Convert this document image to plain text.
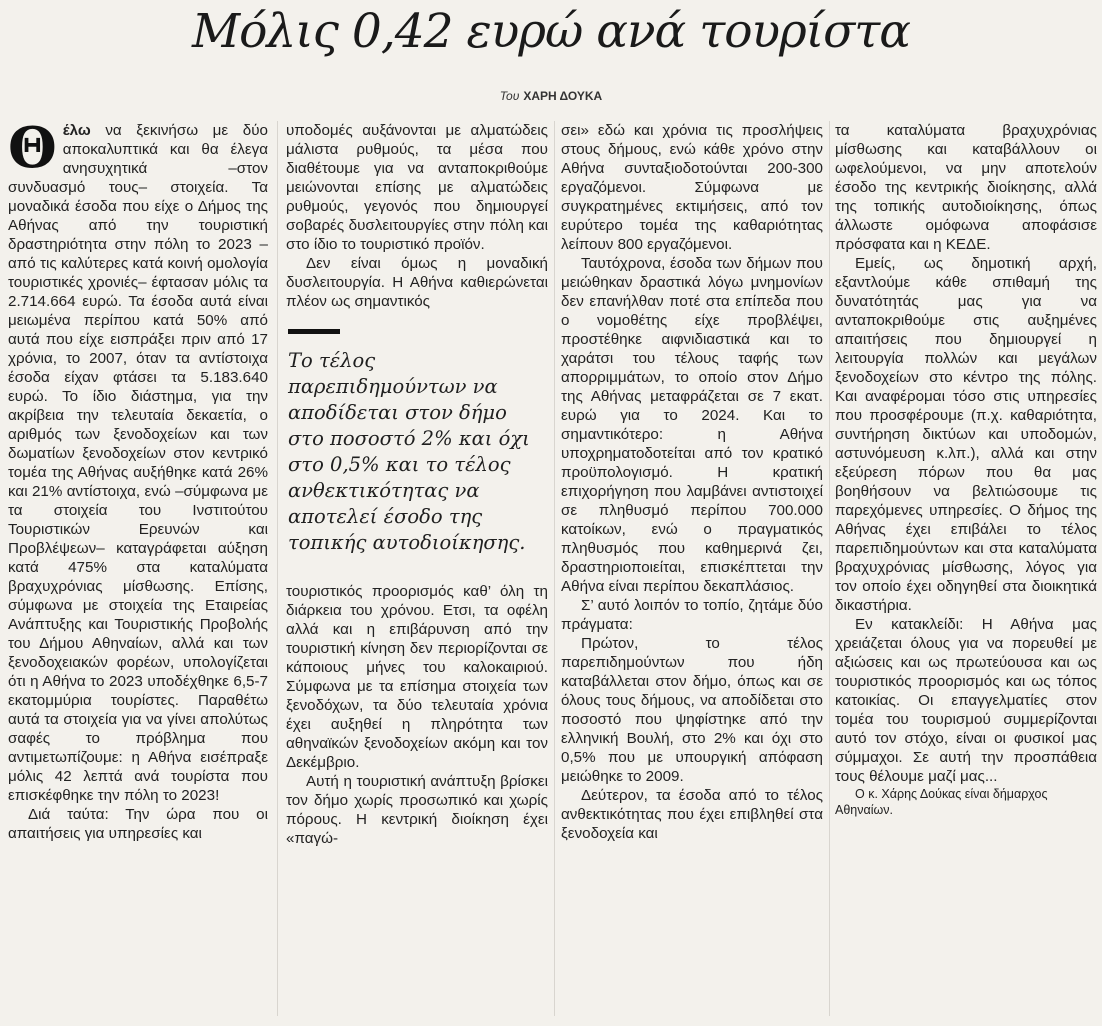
Μόλις 0,42 ευρώ ανά τουρίστα
Του ΧΑΡΗ ΔΟΥΚΑ

Θέλω να ξεκινήσω με δύο αποκαλυπτικά και θα έλεγα ανησυχητικά –στον συνδυασμό τους– στοιχεία. Τα μοναδικά έσοδα που είχε ο Δήμος της Αθήνας από την τουριστική δραστηριότητα στην πόλη το 2023 –από τις καλύτερες κατά κοινή ομολογία τουριστικές χρονιές– έφτασαν μόλις τα 2.714.664 ευρώ. Τα έσοδα αυτά είναι μειωμένα περίπου κατά 50% από αυτά που είχε εισπράξει πριν από 17 χρόνια, το 2007, όταν τα αντίστοιχα έσοδα είχαν φτάσει τα 5.183.640 ευρώ. Το ίδιο διάστημα, για την ακρίβεια την τελευταία δεκαετία, ο αριθμός των ξενοδοχείων και των δωματίων ξενοδοχείων στον κεντρικό τομέα της Αθήνας αυξήθηκε κατά 26% και 21% αντίστοιχα, ενώ –σύμφωνα με τα στοιχεία του Ινστιτούτου Τουριστικών Ερευνών και Προβλέψεων– καταγράφεται αύξηση κατά 475% στα καταλύματα βραχυχρόνιας μίσθωσης. Επίσης, σύμφωνα με στοιχεία της Εταιρείας Ανάπτυξης και Τουριστικής Προβολής του Δήμου Αθηναίων, αλλά και των ξενοδοχειακών φορέων, υπολογίζεται ότι η Αθήνα το 2023 υποδέχθηκε 6,5-7 εκατομμύρια τουρίστες. Παραθέτω αυτά τα στοιχεία για να γίνει απολύτως σαφές το πρόβλημα που αντιμετωπίζουμε: η Αθήνα εισέπραξε μόλις 42 λεπτά ανά τουρίστα που επισκέφθηκε την πόλη το 2023!

Διά ταύτα: Την ώρα που οι απαιτήσεις για υπηρεσίες και

υποδομές αυξάνονται με αλματώδεις μάλιστα ρυθμούς, τα μέσα που διαθέτουμε για να ανταποκριθούμε μειώνονται επίσης με αλματώδεις ρυθμούς, γεγονός που δημιουργεί σοβαρές δυσλειτουργίες στην πόλη και στο ίδιο το τουριστικό προϊόν.

Δεν είναι όμως η μοναδική δυσλειτουργία. Η Αθήνα καθιερώνεται πλέον ως σημαντικός

Το τέλος παρεπιδημούντων να αποδίδεται στον δήμο στο ποσοστό 2% και όχι στο 0,5% και το τέλος ανθεκτικότητας να αποτελεί έσοδο της τοπικής αυτοδιοίκησης.

τουριστικός προορισμός καθ’ όλη τη διάρκεια του χρόνου. Ετσι, τα οφέλη αλλά και η επιβάρυνση από την τουριστική κίνηση δεν περιορίζονται σε κάποιους μήνες του καλοκαιριού. Σύμφωνα με τα επίσημα στοιχεία των ξενοδόχων, τα δύο τελευταία χρόνια έχει αυξηθεί η πληρότητα των αθηναϊκών ξενοδοχείων ακόμη και τον Δεκέμβριο.

Αυτή η τουριστική ανάπτυξη βρίσκει τον δήμο χωρίς προσωπικό και χωρίς πόρους. Η κεντρική διοίκηση έχει «παγώ-

σει» εδώ και χρόνια τις προσλήψεις στους δήμους, ενώ κάθε χρόνο στην Αθήνα συνταξιοδοτούνται 200-300 εργαζόμενοι. Σύμφωνα με συγκρατημένες εκτιμήσεις, από τον ευρύτερο τομέα της καθαριότητας λείπουν 800 εργαζόμενοι.

Ταυτόχρονα, έσοδα των δήμων που μειώθηκαν δραστικά λόγω μνημονίων δεν επανήλθαν ποτέ στα επίπεδα που ο νομοθέτης είχε προβλέψει, προστέθηκε αιφνιδιαστικά και το χαράτσι του τέλους ταφής των απορριμμάτων, το οποίο στον Δήμο της Αθήνας μεταφράζεται σε 7 εκατ. ευρώ για το 2024. Και το σημαντικότερο: η Αθήνα υποχρηματοδοτείται από τον κρατικό προϋπολογισμό. Η κρατική επιχορήγηση που λαμβάνει αντιστοιχεί σε πληθυσμό περίπου 700.000 κατοίκων, ενώ ο πραγματικός πληθυσμός που καθημερινά ζει, δραστηριοποιείται, επισκέπτεται την Αθήνα είναι περίπου δεκαπλάσιος.

Σ’ αυτό λοιπόν το τοπίο, ζητάμε δύο πράγματα:

Πρώτον, το τέλος παρεπιδημούντων που ήδη καταβάλλεται στον δήμο, όπως και σε όλους τους δήμους, να αποδίδεται στο ποσοστό που ψηφίστηκε από την ελληνική Βουλή, στο 2% και όχι στο 0,5% που με υπουργική απόφαση μειώθηκε το 2009.

Δεύτερον, τα έσοδα από το τέλος ανθεκτικότητας που έχει επιβληθεί στα ξενοδοχεία και

τα καταλύματα βραχυχρόνιας μίσθωσης και καταβάλλουν οι ωφελούμενοι, να μην αποτελούν έσοδο της κεντρικής διοίκησης, αλλά της τοπικής αυτοδιοίκησης, όπως άλλωστε ομόφωνα αποφάσισε πρόσφατα και η ΚΕΔΕ.

Εμείς, ως δημοτική αρχή, εξαντλούμε κάθε σπιθαμή της δυνατότητάς μας για να ανταποκριθούμε στις αυξημένες απαιτήσεις που δημιουργεί η λειτουργία πολλών και μεγάλων ξενοδοχείων στο κέντρο της πόλης. Και αναφέρομαι τόσο στις υπηρεσίες που προσφέρουμε (π.χ. καθαριότητα, συντήρηση δικτύων και υποδομών, αστυνόμευση κ.λπ.), αλλά και στην εξεύρεση πόρων που θα μας βοηθήσουν να βελτιώσουμε τις παρεχόμενες υπηρεσίες. Ο δήμος της Αθήνας έχει επιβάλει το τέλος παρεπιδημούντων και στα καταλύματα βραχυχρόνιας μίσθωσης, λόγος για τον οποίο έχει οδηγηθεί στα διοικητικά δικαστήρια.

Εν κατακλείδι: Η Αθήνα μας χρειάζεται όλους για να πορευθεί με αξιώσεις και ως πρωτεύουσα και ως τουριστικός προορισμός και ως τόπος κατοικίας. Οι επαγγελματίες στον τομέα του τουρισμού συμμερίζονται αυτό τον στόχο, είναι οι φυσικοί μας σύμμαχοι. Σε αυτή την προσπάθεια τους θέλουμε μαζί μας...

Ο κ. Χάρης Δούκας είναι δήμαρχος Αθηναίων.
